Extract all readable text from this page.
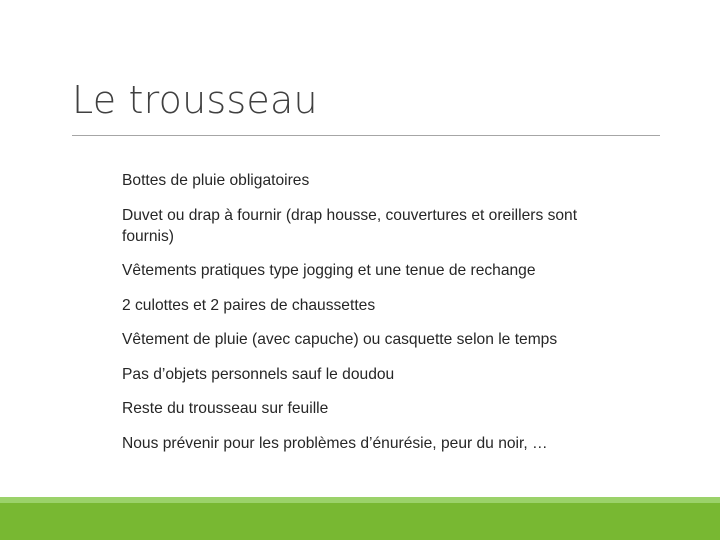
Le trousseau
Bottes de pluie obligatoires
Duvet ou drap à fournir (drap housse, couvertures et oreillers sont fournis)
Vêtements pratiques type jogging et une tenue de rechange
2 culottes et 2 paires de chaussettes
Vêtement de pluie (avec capuche) ou casquette selon le temps
Pas d’objets personnels sauf le doudou
Reste du trousseau sur feuille
Nous prévenir pour les problèmes d’énurésie, peur du noir, …
